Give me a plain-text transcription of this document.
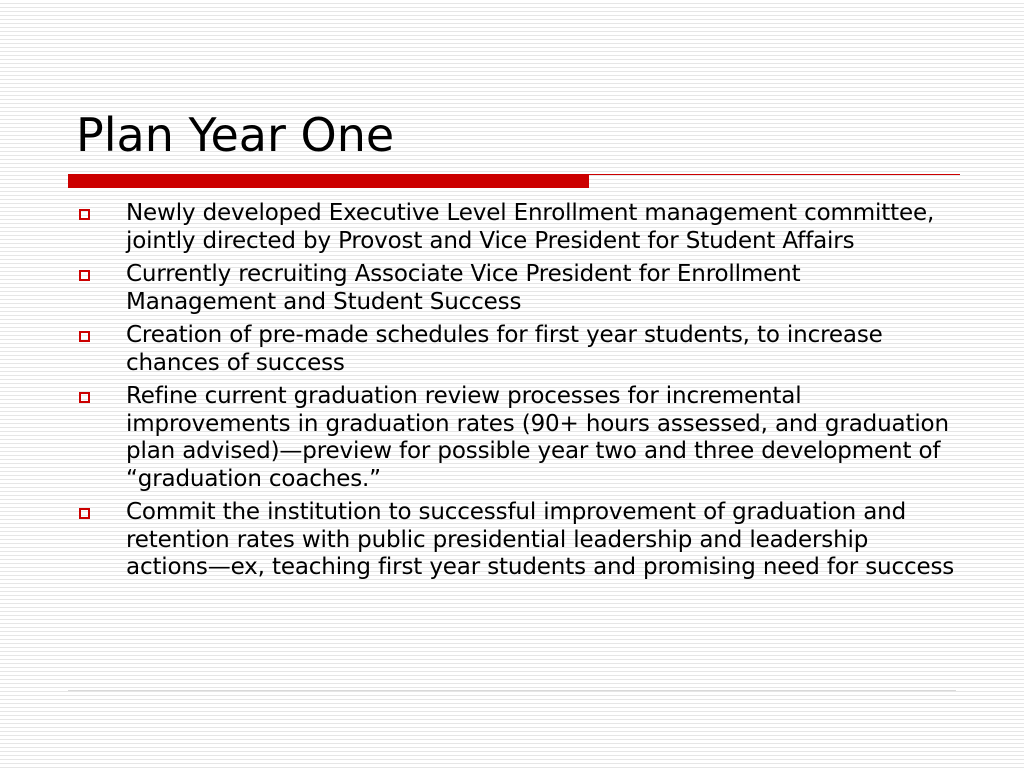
Plan Year One
Newly developed Executive Level Enrollment management committee, jointly directed by Provost and Vice President for Student Affairs
Currently recruiting Associate Vice President for Enrollment Management and Student Success
Creation of pre-made schedules for first year students, to increase chances of success
Refine current graduation review processes for incremental improvements in graduation rates (90+ hours assessed, and graduation plan advised)—preview for possible year two and three development of “graduation coaches.”
Commit the institution to successful improvement of graduation and retention rates with public presidential leadership and leadership actions—ex, teaching first year students and promising need for success
